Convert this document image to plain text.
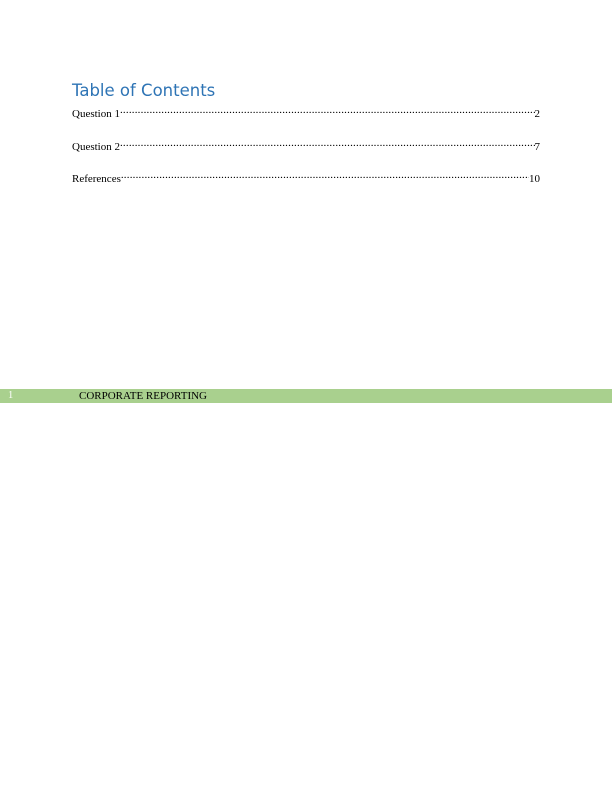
Table of Contents
Question 1 .....	2
Question 2 .....	7
References .....	10
1	CORPORATE REPORTING
